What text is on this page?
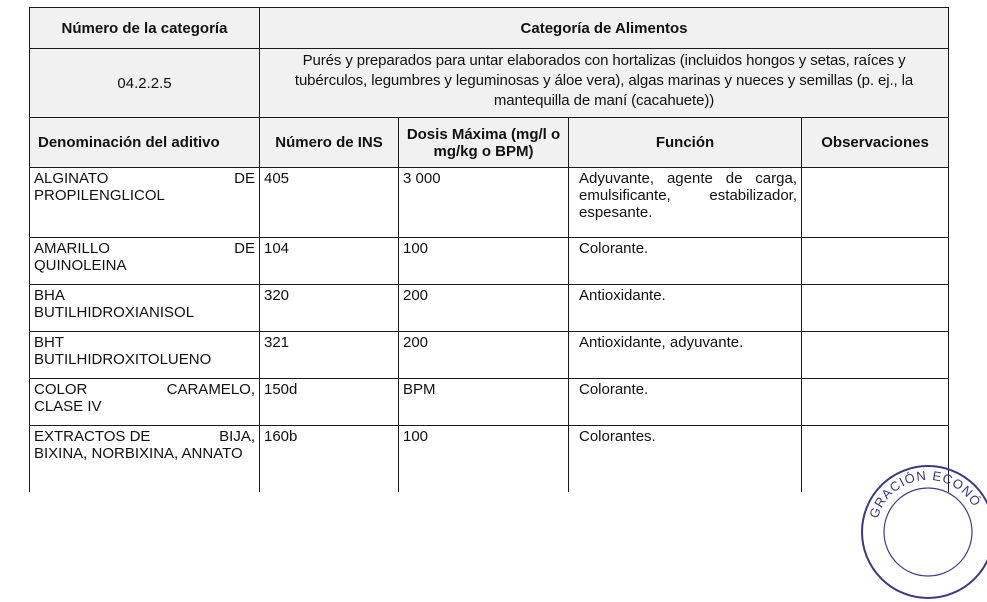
Número de la categoría	Categoría de Alimentos			
04.2.2.5	Purés y preparados para untar elaborados con hortalizas (incluidos hongos y setas, raíces y tubérculos, legumbres y leguminosas y áloe vera), algas marinas y nueces y semillas (p. ej., la mantequilla de maní (cacahuete))			
Denominación del aditivo	Número de INS	Dosis Máxima (mg/l o mg/kg o BPM)	Función	Observaciones

ALGINATO DE
PROPILENGLICOL	405	3 000	Adyuvante, agente de carga, emulsificante, estabilizador, espesante.	

AMARILLO DE
QUINOLEINA	104	100	Colorante.	

BHA
BUTILHIDROXIANISOL	320	200	Antioxidante.	

BHT
BUTILHIDROXITOLUENO	321	200	Antioxidante, adyuvante.	

COLOR CARAMELO,
CLASE IV	150d	BPM	Colorante.	

EXTRACTOS DE BIJA,
BIXINA, NORBIXINA, ANNATO	160b	100	Colorantes.	
GRACIÓN ECONÓ
